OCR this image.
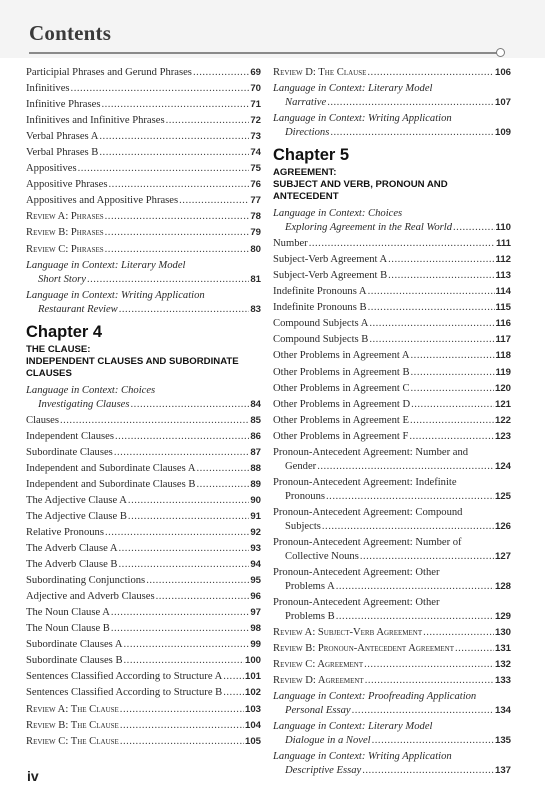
Contents
Participial Phrases and Gerund Phrases .....	69
Infinitives .....	70
Infinitive Phrases .....	71
Infinitives and Infinitive Phrases .....	72
Verbal Phrases A .....	73
Verbal Phrases B .....	74
Appositives .....	75
Appositive Phrases .....	76
Appositives and Appositive Phrases .....	77
Review A: Phrases .....	78
Review B: Phrases .....	79
Review C: Phrases .....	80
Language in Context: Literary Model
Short Story .....	81
Language in Context: Writing Application
Restaurant Review .....	83
Chapter 4
THE CLAUSE:
INDEPENDENT CLAUSES AND SUBORDINATE CLAUSES
Language in Context: Choices
Investigating Clauses .....	84
Clauses .....	85
Independent Clauses .....	86
Subordinate Clauses .....	87
Independent and Subordinate Clauses A .....	88
Independent and Subordinate Clauses B .....	89
The Adjective Clause A .....	90
The Adjective Clause B .....	91
Relative Pronouns .....	92
The Adverb Clause A .....	93
The Adverb Clause B .....	94
Subordinating Conjunctions .....	95
Adjective and Adverb Clauses .....	96
The Noun Clause A .....	97
The Noun Clause B .....	98
Subordinate Clauses A .....	99
Subordinate Clauses B .....	100
Sentences Classified According to Structure A ..... 101
Sentences Classified According to Structure B ..... 102
Review A: The Clause .....	103
Review B: The Clause .....	104
Review C: The Clause .....	105
Review D: The Clause .....	106
Language in Context: Literary Model
Narrative .....	107
Language in Context: Writing Application
Directions .....	109
Chapter 5
AGREEMENT:
SUBJECT AND VERB, PRONOUN AND ANTECEDENT
Language in Context: Choices
Exploring Agreement in the Real World .....	110
Number .....	111
Subject-Verb Agreement A .....	112
Subject-Verb Agreement B .....	113
Indefinite Pronouns A .....	114
Indefinite Pronouns B .....	115
Compound Subjects A .....	116
Compound Subjects B .....	117
Other Problems in Agreement A .....	118
Other Problems in Agreement B .....	119
Other Problems in Agreement C .....	120
Other Problems in Agreement D .....	121
Other Problems in Agreement E .....	122
Other Problems in Agreement F .....	123
Pronoun-Antecedent Agreement: Number and
Gender .....	124
Pronoun-Antecedent Agreement: Indefinite
Pronouns .....	125
Pronoun-Antecedent Agreement: Compound
Subjects .....	126
Pronoun-Antecedent Agreement: Number of
Collective Nouns .....	127
Pronoun-Antecedent Agreement: Other
Problems A .....	128
Pronoun-Antecedent Agreement: Other
Problems B .....	129
Review A: Subject-Verb Agreement .....	130
Review B: Pronoun-Antecedent Agreement .....	131
Review C: Agreement .....	132
Review D: Agreement .....	133
Language in Context: Proofreading Application
Personal Essay .....	134
Language in Context: Literary Model
Dialogue in a Novel .....	135
Language in Context: Writing Application
Descriptive Essay .....	137
iv
